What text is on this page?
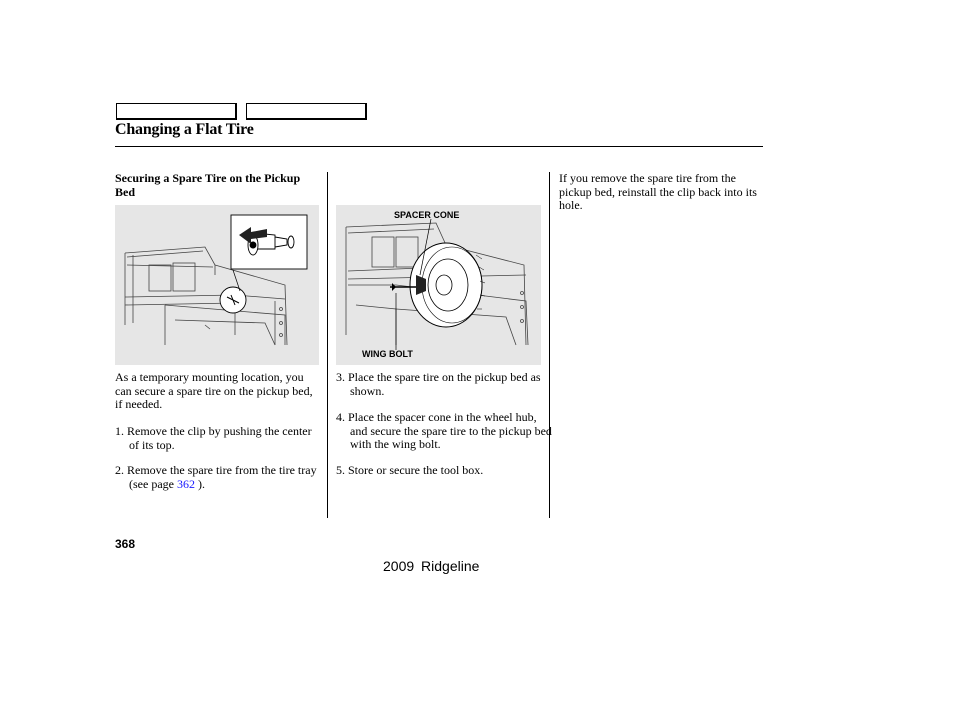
Changing a Flat Tire
Securing a Spare Tire on the Pickup Bed
As a temporary mounting location, you can secure a spare tire on the pickup bed, if needed.
1. Remove the clip by pushing the center of its top.
2. Remove the spare tire from the tire tray (see page 362 ).
SPACER CONE
WING BOLT
3. Place the spare tire on the pickup bed as shown.
4. Place the spacer cone in the wheel hub, and secure the spare tire to the pickup bed with the wing bolt.
5. Store or secure the tool box.
If you remove the spare tire from the pickup bed, reinstall the clip back into its hole.
368
2009 Ridgeline
